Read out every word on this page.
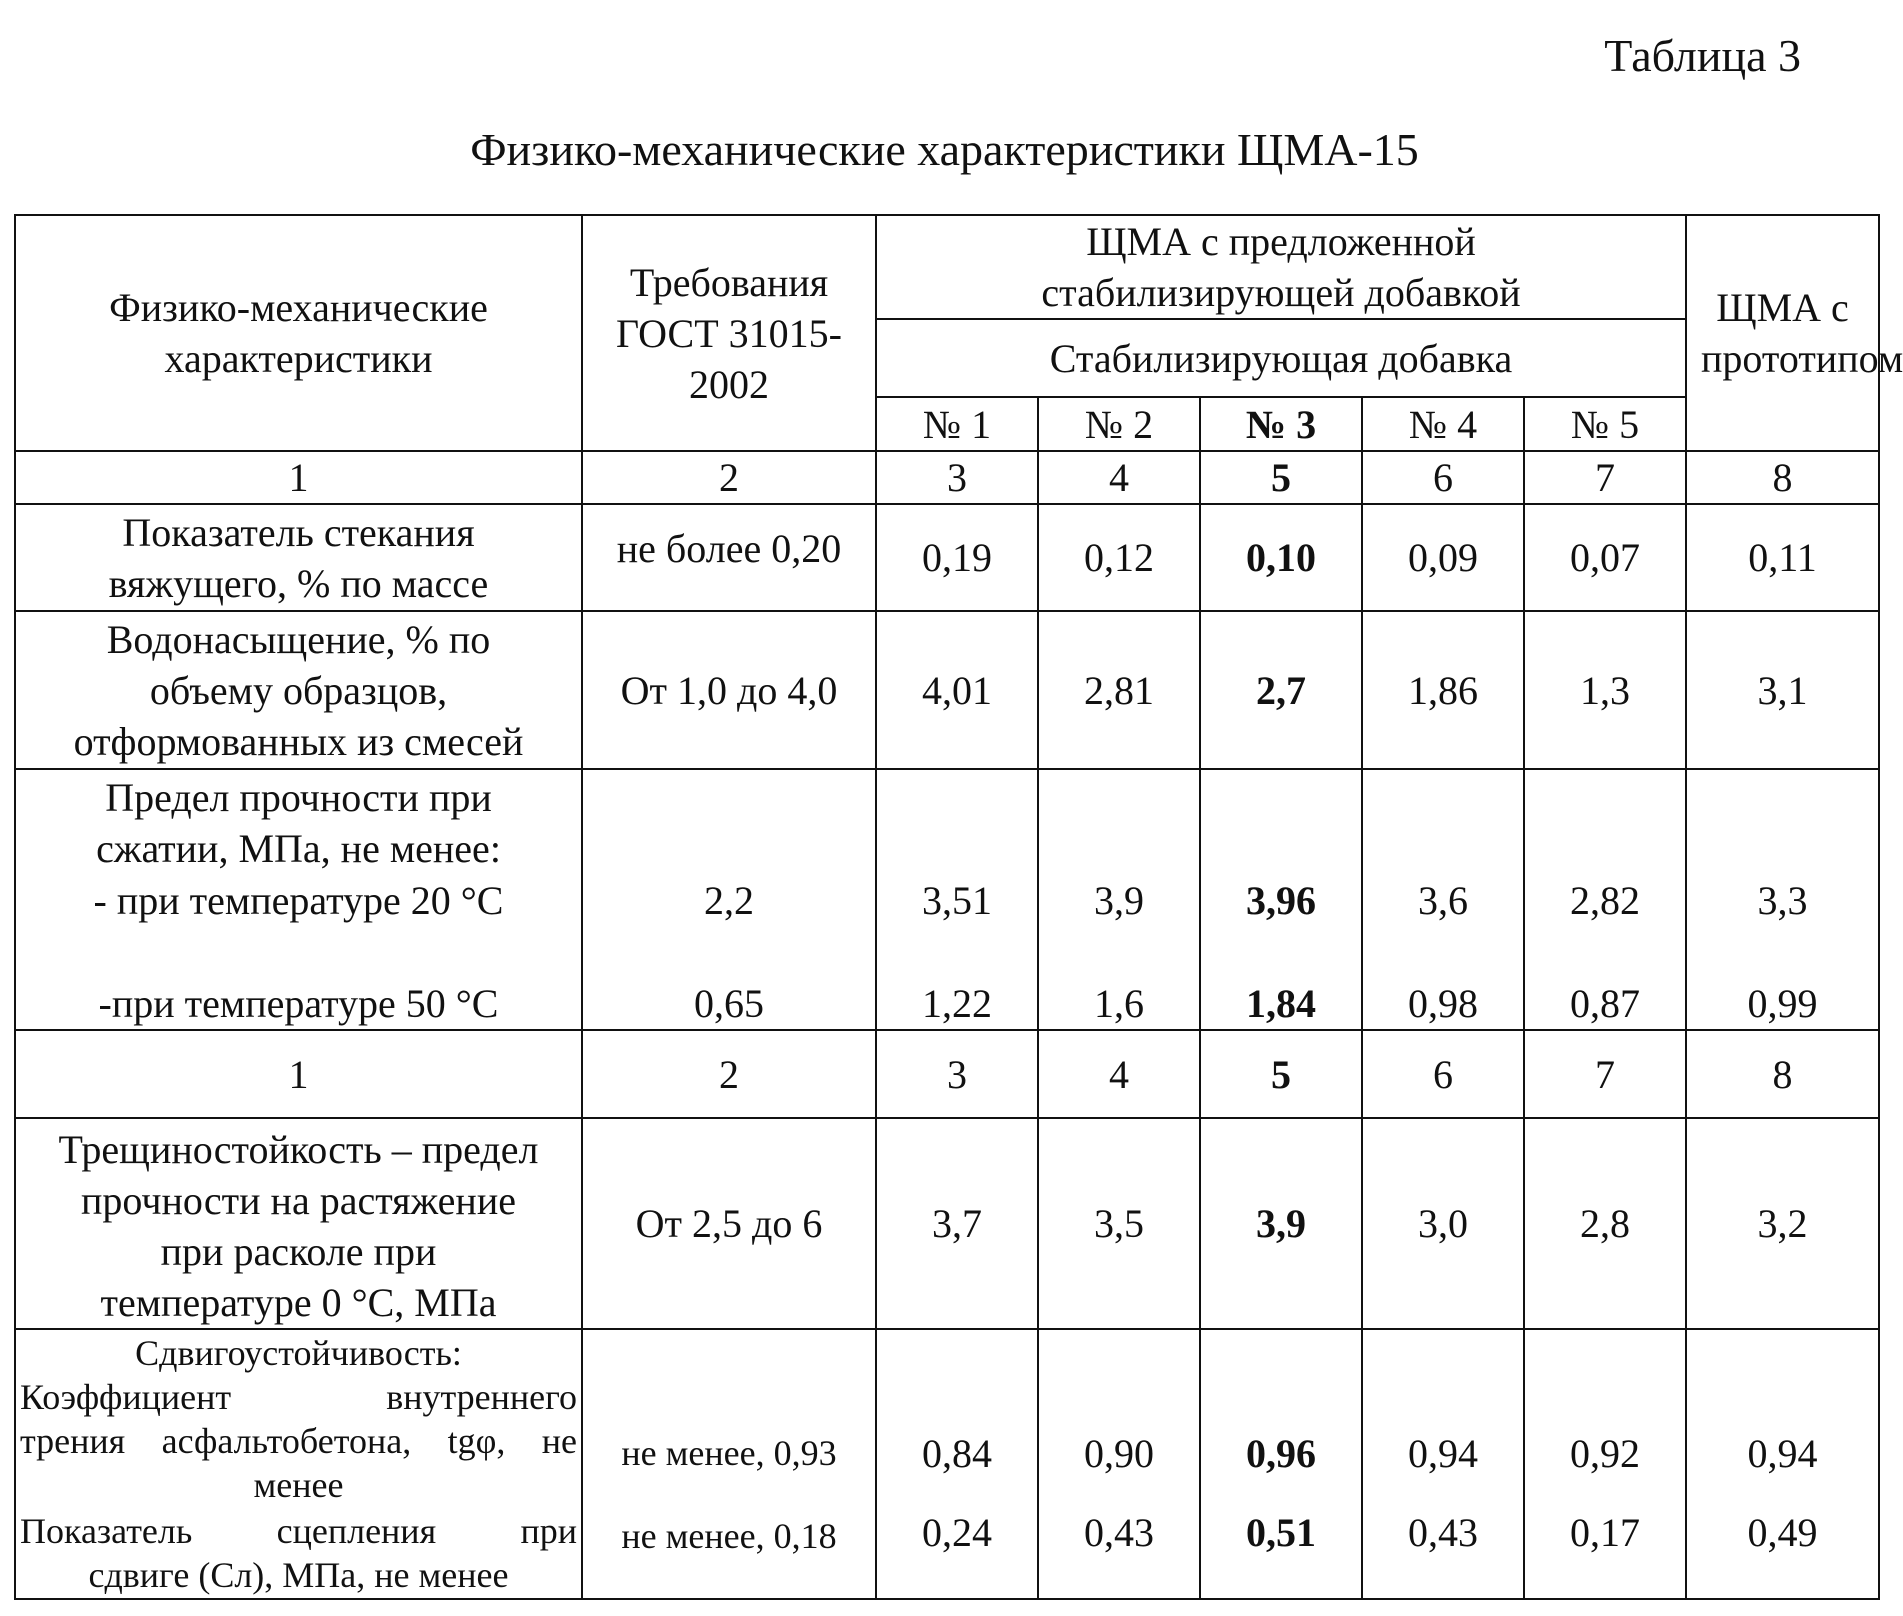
Таблица 3
Физико-механические характеристики ЩМА-15
Физико-механические характеристики	Требования ГОСТ 31015-2002	ЩМА с предложенной стабилизирующей добавкой					ЩМА с прототипом
		Стабилизирующая добавка					
		№ 1	№ 2	№ 3	№ 4	№ 5	
1	2	3	4	5	6	7	8

Показатель стекания
вяжущего, % по массе	не более 0,20	0,19	0,12	0,10	0,09	0,07	0,11

Водонасыщение, % по
объему образцов,
отформованных из смесей	От 1,0 до 4,0	4,01	2,81	2,7	1,86	1,3	3,1

Предел прочности при
сжатии, МПа, не менее:							

- при температуре 20 °С	2,2	3,51	3,9	3,96	3,6	2,82	3,3
-при температуре 50 °С	0,65	1,22	1,6	1,84	0,98	0,87	0,99
1	2	3	4	5	6	7	8

Трещиностойкость – предел
прочности на растяжение
при расколе при
температуре 0 °С, МПа	От 2,5 до 6	3,7	3,5	3,9	3,0	2,8	3,2

Сдвигоустойчивость:
Коэффициент внутреннего
трения асфальтобетона, tgφ, не
менее	не менее, 0,93	0,84	0,90	0,96	0,94	0,92	0,94

Показатель сцепления при
сдвиге (Сл), МПа, не менее	не менее, 0,18	0,24	0,43	0,51	0,43	0,17	0,49
